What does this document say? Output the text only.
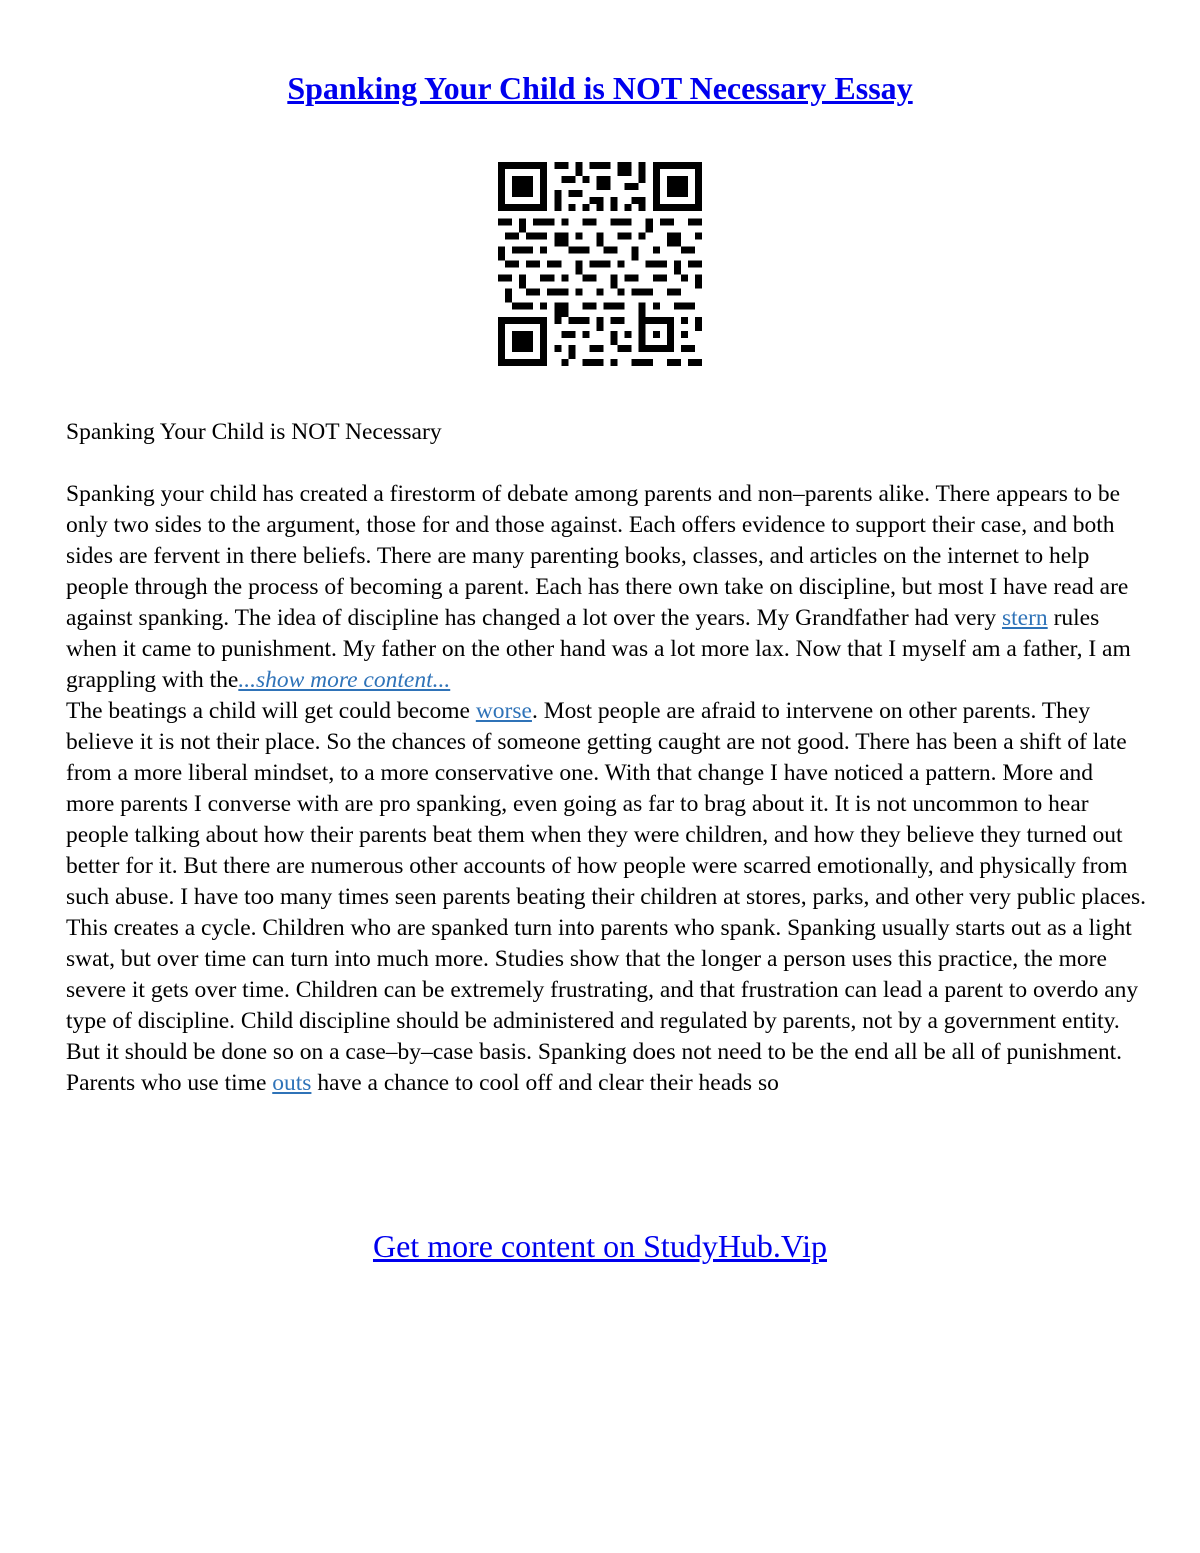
Spanking Your Child is NOT Necessary Essay

Spanking Your Child is NOT Necessary

Spanking your child has created a firestorm of debate among parents and non–parents alike. There appears to be only two sides to the argument, those for and those against. Each offers evidence to support their case, and both sides are fervent in there beliefs. There are many parenting books, classes, and articles on the internet to help people through the process of becoming a parent. Each has there own take on discipline, but most I have read are against spanking. The idea of discipline has changed a lot over the years. My Grandfather had very stern rules when it came to punishment. My father on the other hand was a lot more lax. Now that I myself am a father, I am grappling with the...show more content...

The beatings a child will get could become worse. Most people are afraid to intervene on other parents. They believe it is not their place. So the chances of someone getting caught are not good. There has been a shift of late from a more liberal mindset, to a more conservative one. With that change I have noticed a pattern. More and more parents I converse with are pro spanking, even going as far to brag about it. It is not uncommon to hear people talking about how their parents beat them when they were children, and how they believe they turned out better for it. But there are numerous other accounts of how people were scarred emotionally, and physically from such abuse. I have too many times seen parents beating their children at stores, parks, and other very public places. This creates a cycle. Children who are spanked turn into parents who spank. Spanking usually starts out as a light swat, but over time can turn into much more. Studies show that the longer a person uses this practice, the more severe it gets over time. Children can be extremely frustrating, and that frustration can lead a parent to overdo any type of discipline. Child discipline should be administered and regulated by parents, not by a government entity. But it should be done so on a case–by–case basis. Spanking does not need to be the end all be all of punishment. Parents who use time outs have a chance to cool off and clear their heads so

Get more content on StudyHub.Vip
